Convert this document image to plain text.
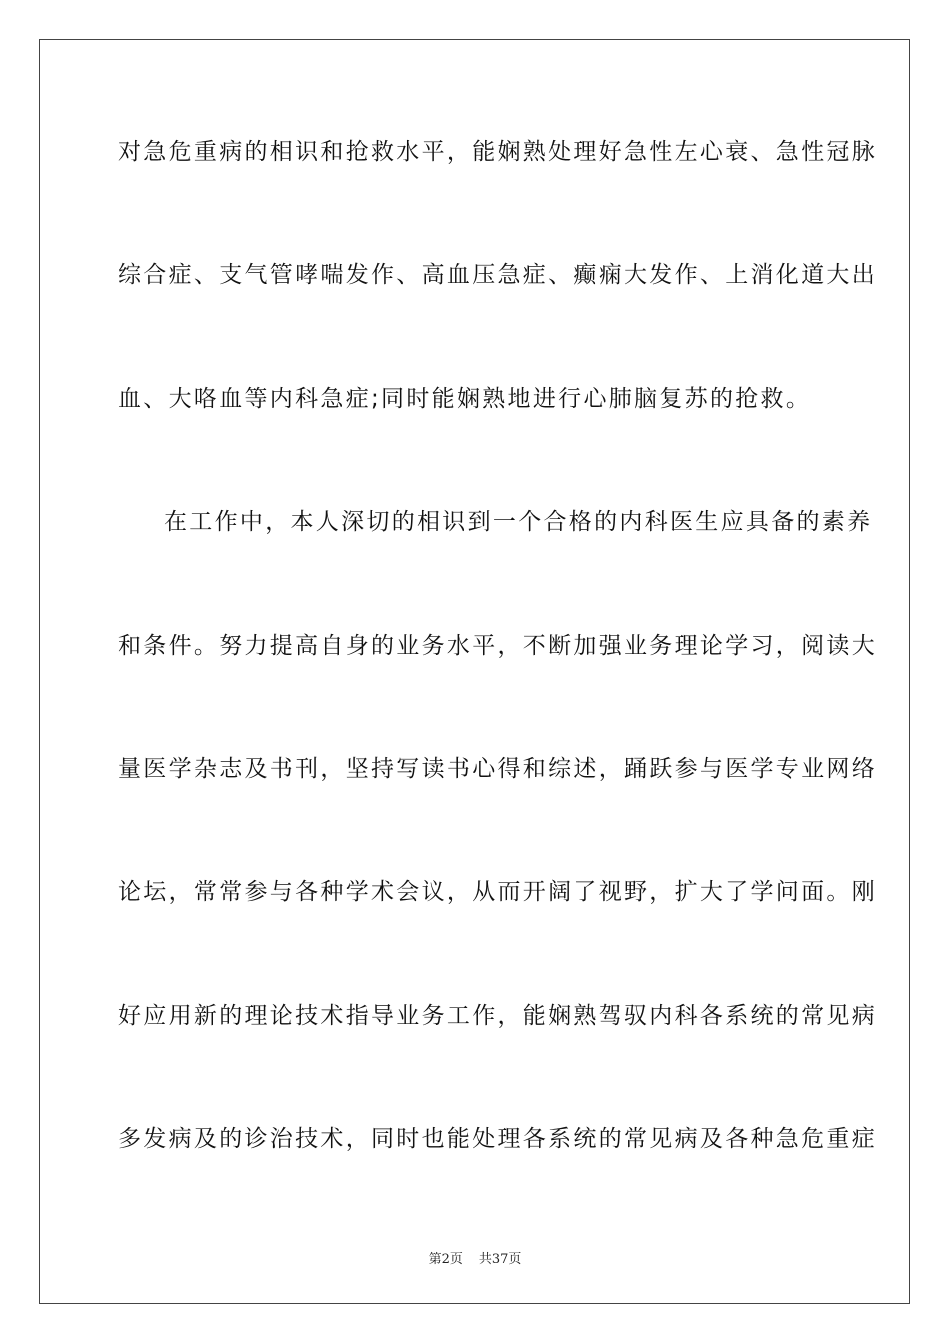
对急危重病的相识和抢救水平，能娴熟处理好急性左心衰、急性冠脉
综合症、支气管哮喘发作、高血压急症、癫痫大发作、上消化道大出
血、大咯血等内科急症;同时能娴熟地进行心肺脑复苏的抢救。
在工作中，本人深切的相识到一个合格的内科医生应具备的素养
和条件。努力提高自身的业务水平，不断加强业务理论学习，阅读大
量医学杂志及书刊，坚持写读书心得和综述，踊跃参与医学专业网络
论坛，常常参与各种学术会议，从而开阔了视野，扩大了学问面。刚
好应用新的理论技术指导业务工作，能娴熟驾驭内科各系统的常见病
多发病及的诊治技术，同时也能处理各系统的常见病及各种急危重症
第2页 共37页
